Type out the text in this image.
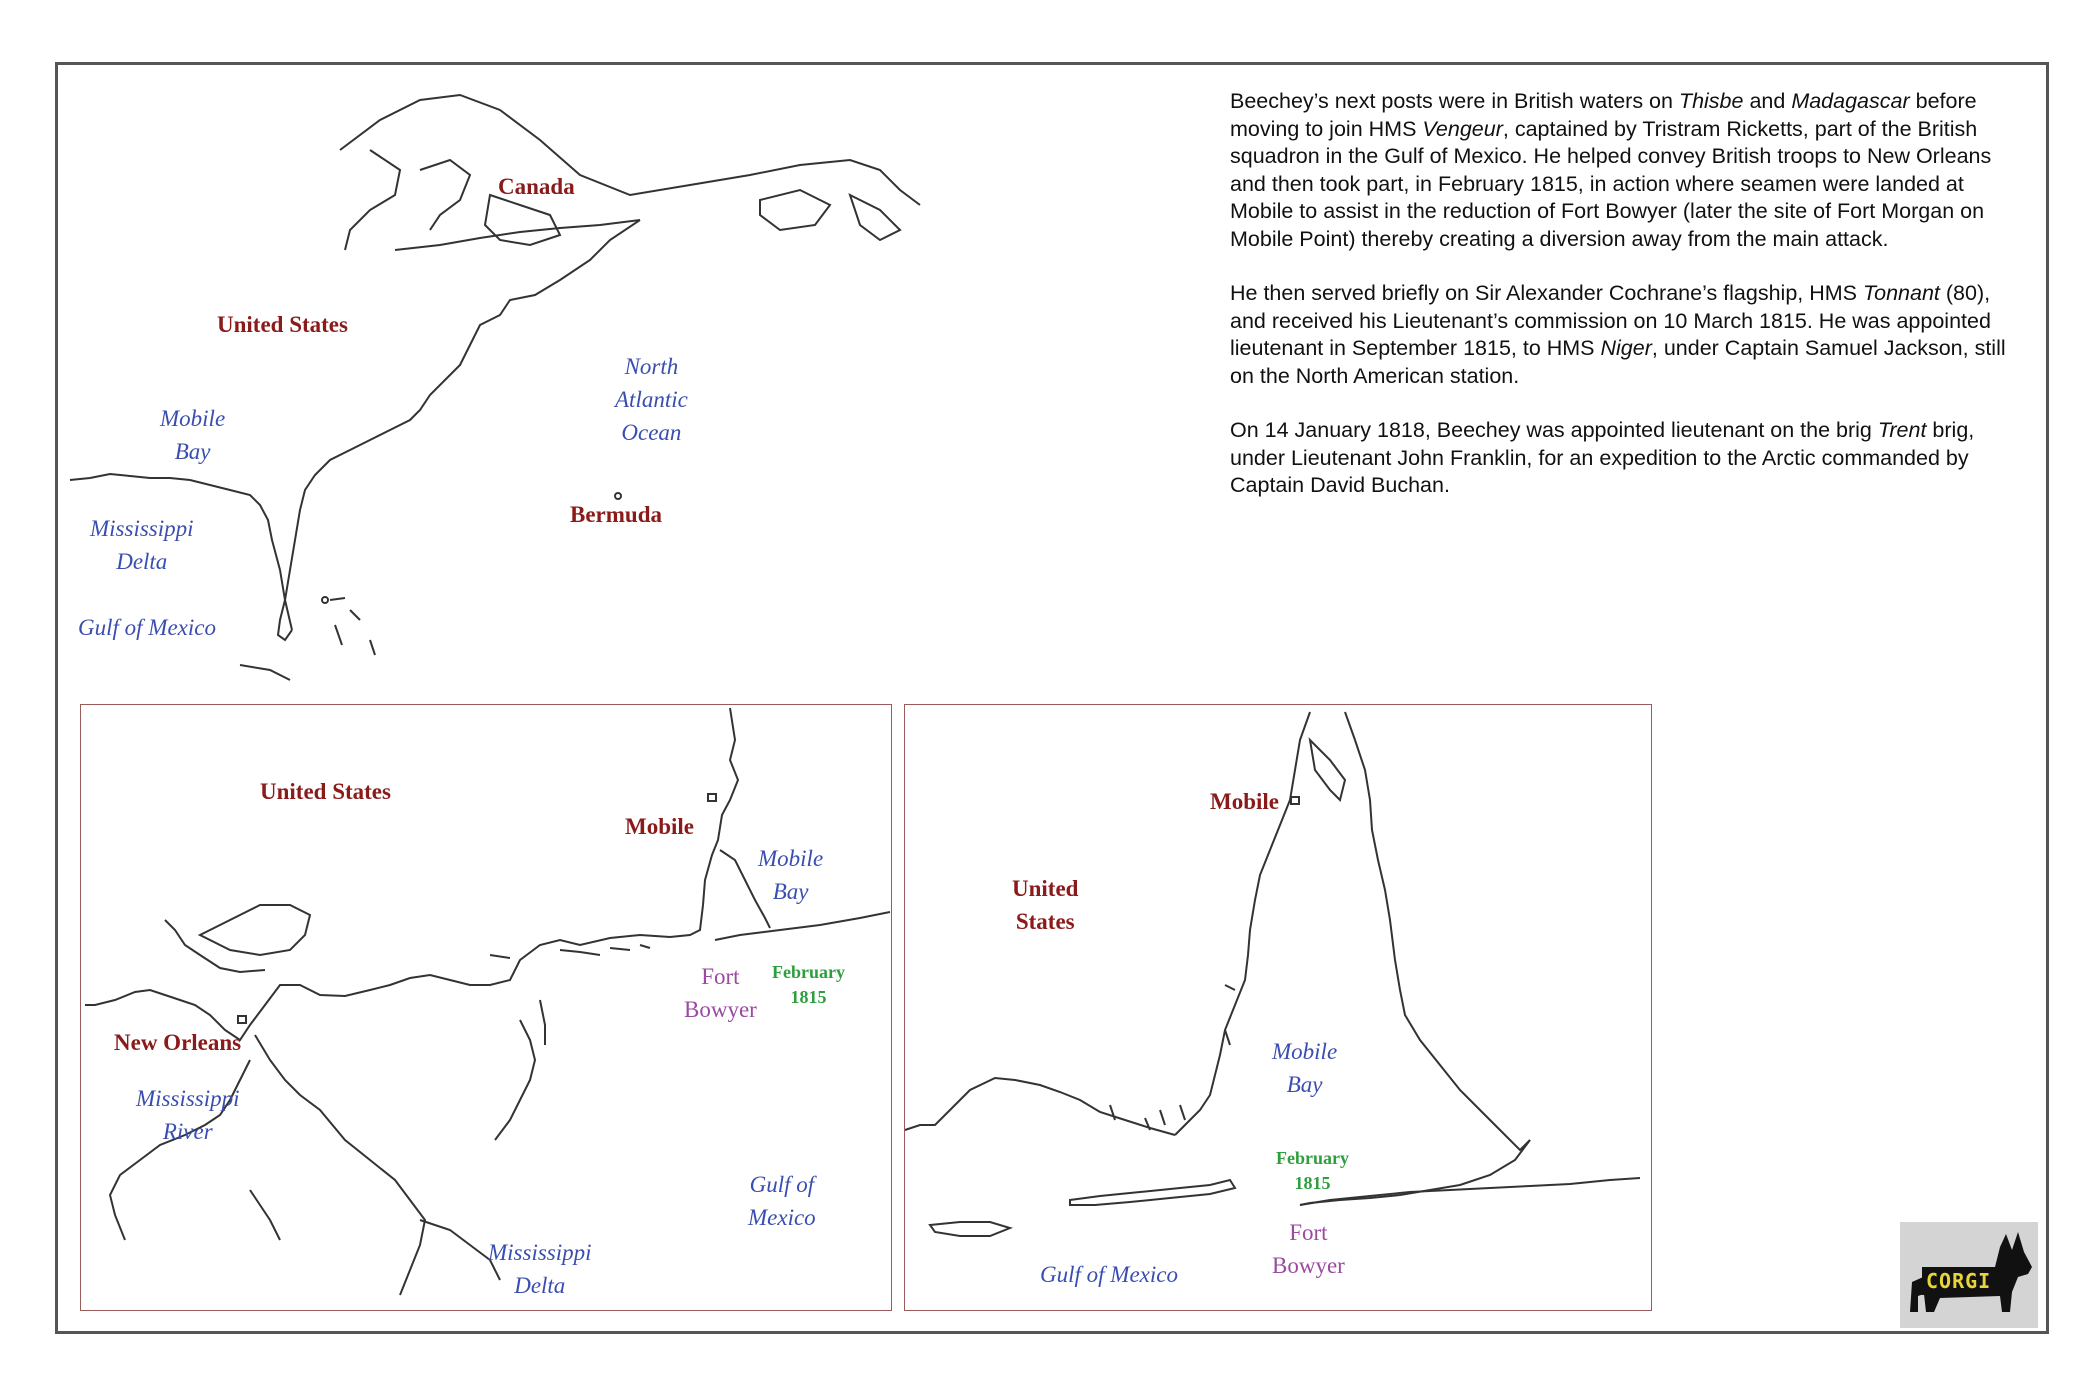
Canada
United States
Bermuda
North
Atlantic
Ocean
Mobile
Bay
Mississippi
Delta
Gulf of Mexico
United States
Mobile
Mobile
Bay
Fort
Bowyer
February
1815
New Orleans
Mississippi
River
Gulf of
Mexico
Mississippi
Delta
Mobile
United
States
Mobile
Bay
February
1815
Fort
Bowyer
Gulf of Mexico

Beechey’s next posts were in British waters on Thisbe and Madagascar before moving to join HMS Vengeur, captained by Tristram Ricketts, part of the British squadron in the Gulf of Mexico. He helped convey British troops to New Orleans and then took part, in February 1815, in action where seamen were landed at Mobile to assist in the reduction of Fort Bowyer (later the site of Fort Morgan on Mobile Point) thereby creating a diversion away from the main attack.

He then served briefly on Sir Alexander Cochrane’s flagship, HMS Tonnant (80), and received his Lieutenant’s commission on 10 March 1815. He was appointed lieutenant in September 1815, to HMS Niger, under Captain Samuel Jackson, still on the North American station.

On 14 January 1818, Beechey was appointed lieutenant on the brig Trent brig, under Lieutenant John Franklin, for an expedition to the Arctic commanded by Captain David Buchan.

CORGI
